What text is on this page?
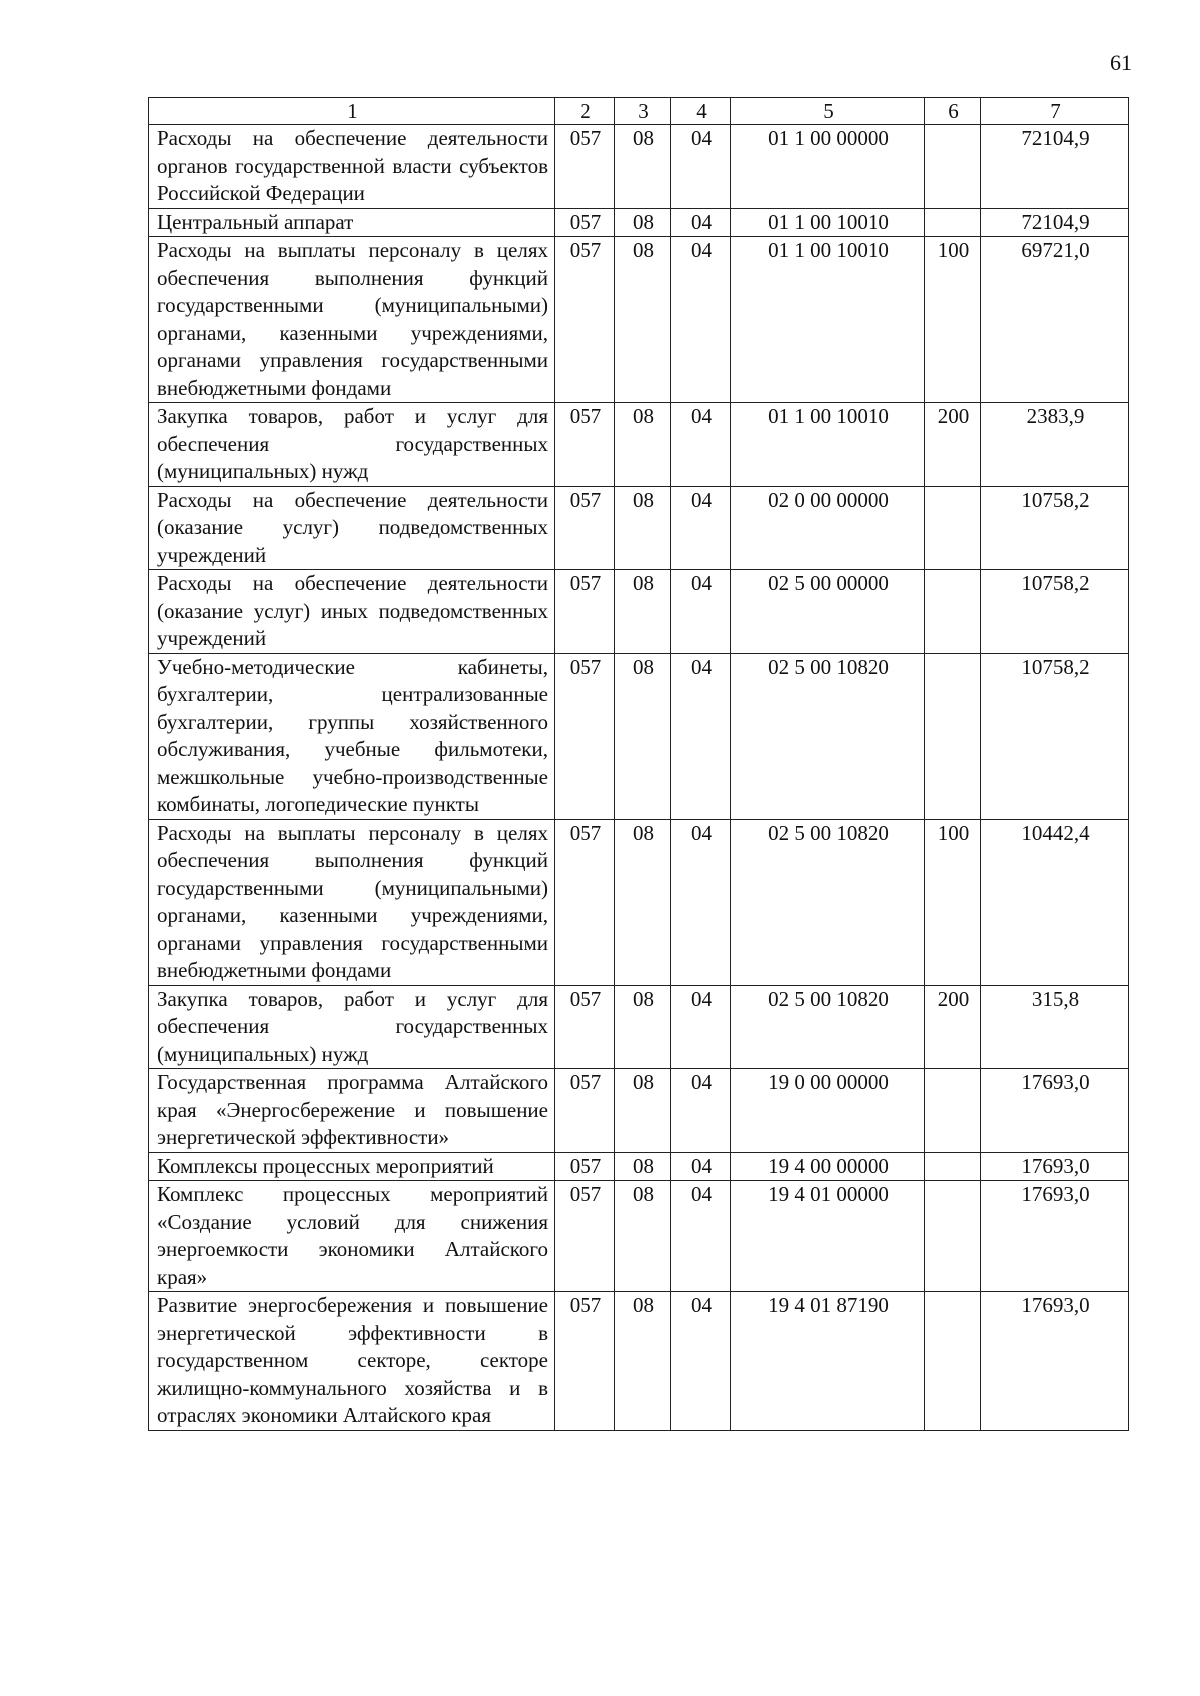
61
1	2	3	4	5	6	7
Расходы на обеспечение деятельности органов государственной власти субъектов Российской Федерации	057	08	04	01 1 00 00000		72104,9
Центральный аппарат	057	08	04	01 1 00 10010		72104,9
Расходы на выплаты персоналу в целях обеспечения выполнения функций государственными (муниципальными) органами, казенными учреждениями, органами управления государственными внебюджетными фондами	057	08	04	01 1 00 10010	100	69721,0
Закупка товаров, работ и услуг для обеспечения государственных (муниципальных) нужд	057	08	04	01 1 00 10010	200	2383,9
Расходы на обеспечение деятельности (оказание услуг) подведомственных учреждений	057	08	04	02 0 00 00000		10758,2
Расходы на обеспечение деятельности (оказание услуг) иных подведомственных учреждений	057	08	04	02 5 00 00000		10758,2
Учебно-методические кабинеты, бухгалтерии, централизованные бухгалтерии, группы хозяйственного обслуживания, учебные фильмотеки, межшкольные учебно-производственные комбинаты, логопедические пункты	057	08	04	02 5 00 10820		10758,2
Расходы на выплаты персоналу в целях обеспечения выполнения функций государственными (муниципальными) органами, казенными учреждениями, органами управления государственными внебюджетными фондами	057	08	04	02 5 00 10820	100	10442,4
Закупка товаров, работ и услуг для обеспечения государственных (муниципальных) нужд	057	08	04	02 5 00 10820	200	315,8
Государственная программа Алтайского края «Энергосбережение и повышение энергетической эффективности»	057	08	04	19 0 00 00000		17693,0
Комплексы процессных мероприятий	057	08	04	19 4 00 00000		17693,0
Комплекс процессных мероприятий «Создание условий для снижения энергоемкости экономики Алтайского края»	057	08	04	19 4 01 00000		17693,0
Развитие энергосбережения и повышение энергетической эффективности в государственном секторе, секторе жилищно-коммунального хозяйства и в отраслях экономики Алтайского края	057	08	04	19 4 01 87190		17693,0
